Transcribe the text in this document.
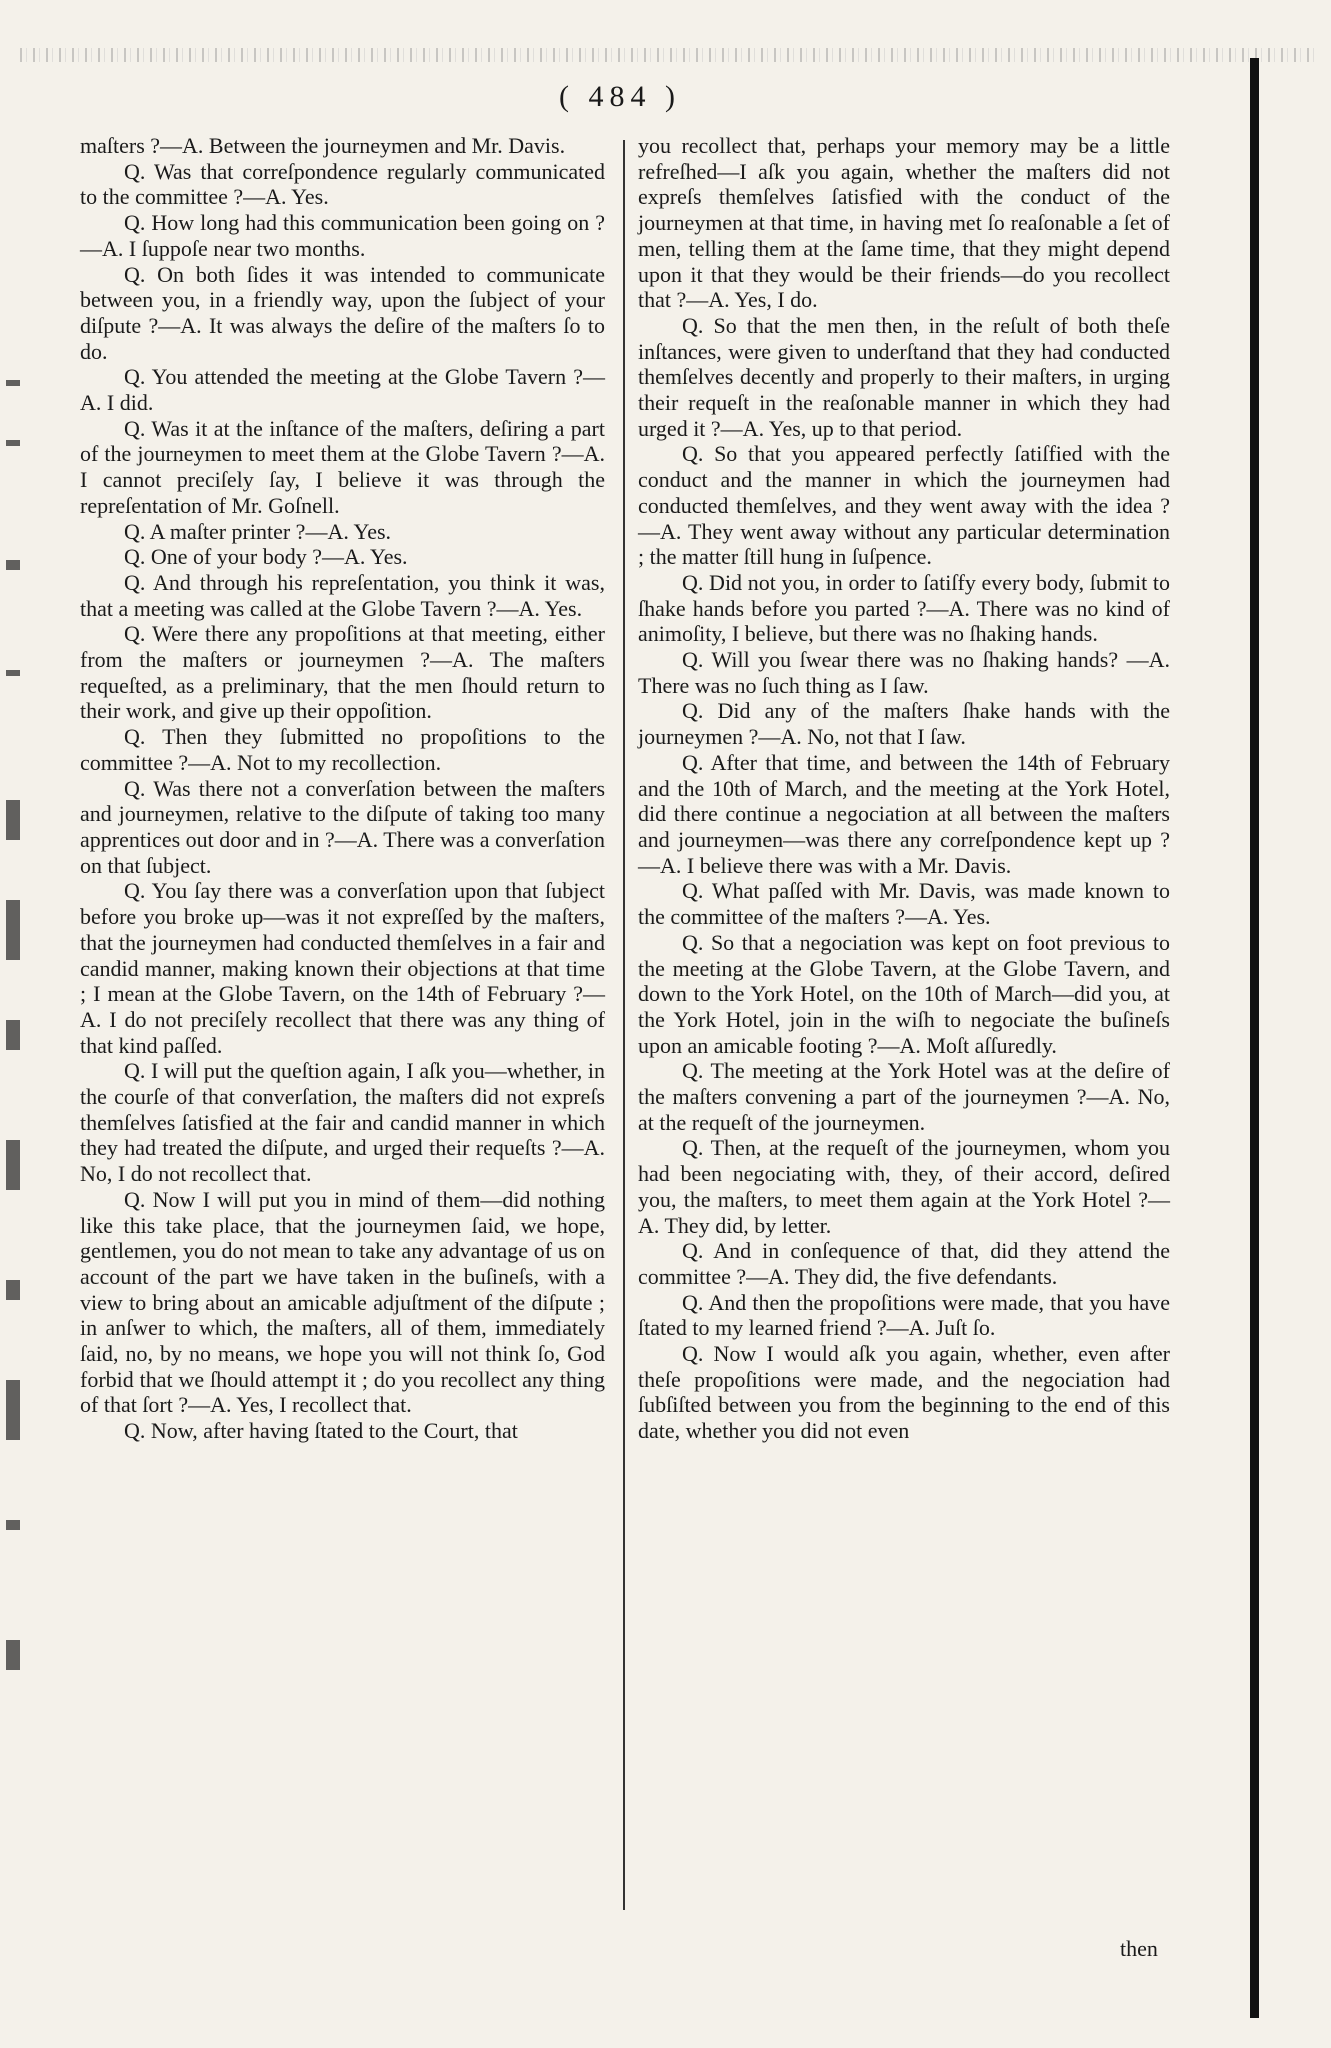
( 484 )

maſters ?—A. Between the journeymen and Mr. Davis.

Q. Was that correſpondence regularly communicated to the committee ?—A. Yes.

Q. How long had this communication been going on ?—A. I ſuppoſe near two months.

Q. On both ſides it was intended to communicate between you, in a friendly way, upon the ſubject of your diſpute ?—A. It was always the deſire of the maſters ſo to do.

Q. You attended the meeting at the Globe Tavern ?—A. I did.

Q. Was it at the inſtance of the maſters, deſiring a part of the journeymen to meet them at the Globe Tavern ?—A. I cannot preciſely ſay, I believe it was through the repreſentation of Mr. Goſnell.

Q. A maſter printer ?—A. Yes.

Q. One of your body ?—A. Yes.

Q. And through his repreſentation, you think it was, that a meeting was called at the Globe Tavern ?—A. Yes.

Q. Were there any propoſitions at that meeting, either from the maſters or journeymen ?—A. The maſters requeſted, as a preliminary, that the men ſhould return to their work, and give up their oppoſition.

Q. Then they ſubmitted no propoſitions to the committee ?—A. Not to my recollection.

Q. Was there not a converſation between the maſters and journeymen, relative to the diſpute of taking too many apprentices out door and in ?—A. There was a converſation on that ſubject.

Q. You ſay there was a converſation upon that ſubject before you broke up—was it not expreſſed by the maſters, that the journeymen had conducted themſelves in a fair and candid manner, making known their objections at that time ; I mean at the Globe Tavern, on the 14th of February ?—A. I do not preciſely recollect that there was any thing of that kind paſſed.

Q. I will put the queſtion again, I aſk you—whether, in the courſe of that converſation, the maſters did not expreſs themſelves ſatisfied at the fair and candid manner in which they had treated the diſpute, and urged their requeſts ?—A. No, I do not recollect that.

Q. Now I will put you in mind of them—did nothing like this take place, that the journeymen ſaid, we hope, gentlemen, you do not mean to take any advantage of us on account of the part we have taken in the buſineſs, with a view to bring about an amicable adjuſtment of the diſpute ; in anſwer to which, the maſters, all of them, immediately ſaid, no, by no means, we hope you will not think ſo, God forbid that we ſhould attempt it ; do you recollect any thing of that ſort ?—A. Yes, I recollect that.

Q. Now, after having ſtated to the Court, that

you recollect that, perhaps your memory may be a little refreſhed—I aſk you again, whether the maſters did not expreſs themſelves ſatisfied with the conduct of the journeymen at that time, in having met ſo reaſonable a ſet of men, telling them at the ſame time, that they might depend upon it that they would be their friends—do you recollect that ?—A. Yes, I do.

Q. So that the men then, in the reſult of both theſe inſtances, were given to underſtand that they had conducted themſelves decently and properly to their maſters, in urging their requeſt in the reaſonable manner in which they had urged it ?—A. Yes, up to that period.

Q. So that you appeared perfectly ſatiſfied with the conduct and the manner in which the journeymen had conducted themſelves, and they went away with the idea ?—A. They went away without any particular determination ; the matter ſtill hung in ſuſpence.

Q. Did not you, in order to ſatiſfy every body, ſubmit to ſhake hands before you parted ?—A. There was no kind of animoſity, I believe, but there was no ſhaking hands.

Q. Will you ſwear there was no ſhaking hands? —A. There was no ſuch thing as I ſaw.

Q. Did any of the maſters ſhake hands with the journeymen ?—A. No, not that I ſaw.

Q. After that time, and between the 14th of February and the 10th of March, and the meeting at the York Hotel, did there continue a negociation at all between the maſters and journeymen—was there any correſpondence kept up ?—A. I believe there was with a Mr. Davis.

Q. What paſſed with Mr. Davis, was made known to the committee of the maſters ?—A. Yes.

Q. So that a negociation was kept on foot previous to the meeting at the Globe Tavern, at the Globe Tavern, and down to the York Hotel, on the 10th of March—did you, at the York Hotel, join in the wiſh to negociate the buſineſs upon an amicable footing ?—A. Moſt aſſuredly.

Q. The meeting at the York Hotel was at the deſire of the maſters convening a part of the journeymen ?—A. No, at the requeſt of the journeymen.

Q. Then, at the requeſt of the journeymen, whom you had been negociating with, they, of their accord, deſired you, the maſters, to meet them again at the York Hotel ?—A. They did, by letter.

Q. And in conſequence of that, did they attend the committee ?—A. They did, the five defendants.

Q. And then the propoſitions were made, that you have ſtated to my learned friend ?—A. Juſt ſo.

Q. Now I would aſk you again, whether, even after theſe propoſitions were made, and the negociation had ſubſiſted between you from the beginning to the end of this date, whether you did not even

then
